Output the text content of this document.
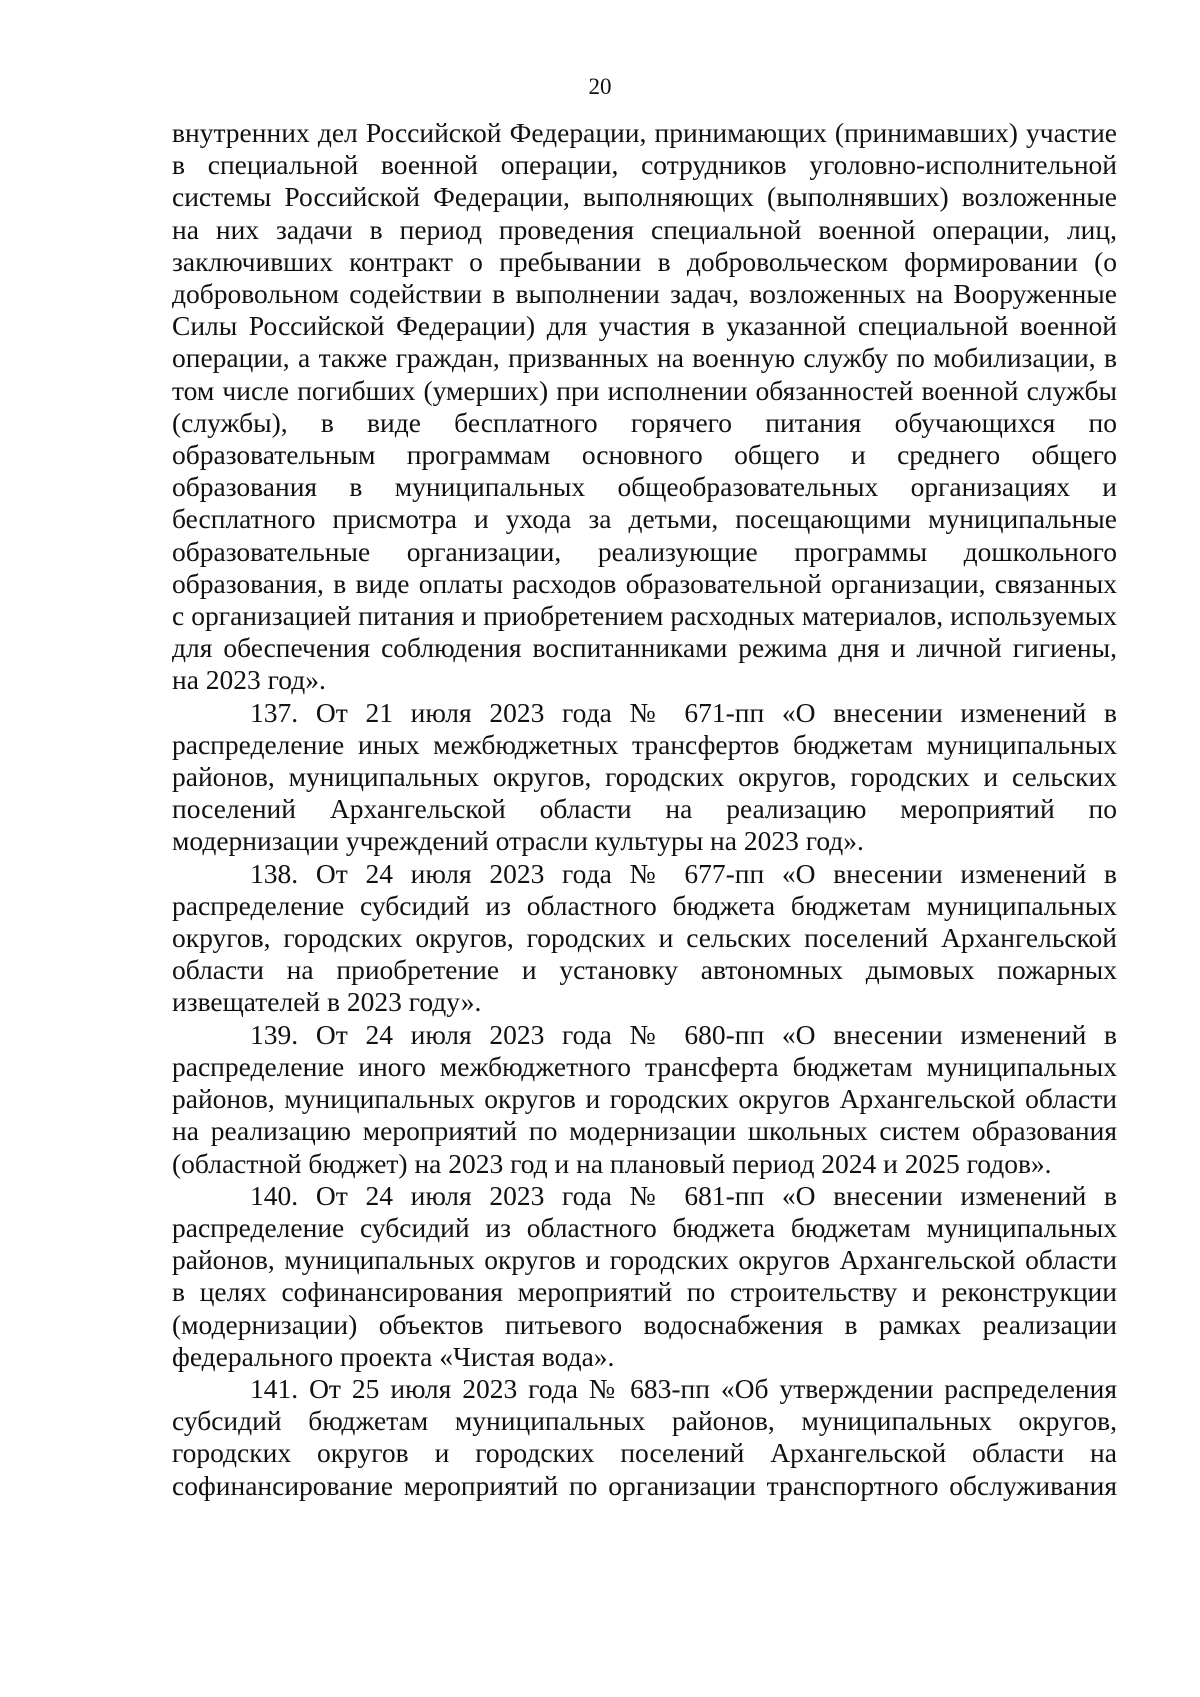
20

внутренних дел Российской Федерации, принимающих (принимавших) участие в специальной военной операции, сотрудников уголовно-исполнительной системы Российской Федерации, выполняющих (выполнявших) возложенные на них задачи в период проведения специальной военной операции, лиц, заключивших контракт о пребывании в добровольческом формировании (о добровольном содействии в выполнении задач, возложенных на Вооруженные Силы Российской Федерации) для участия в указанной специальной военной операции, а также граждан, призванных на военную службу по мобилизации, в том числе погибших (умерших) при исполнении обязанностей военной службы (службы), в виде бесплатного горячего питания обучающихся по образовательным программам основного общего и среднего общего образования в муниципальных общеобразовательных организациях и бесплатного присмотра и ухода за детьми, посещающими муниципальные образовательные организации, реализующие программы дошкольного образования, в виде оплаты расходов образовательной организации, связанных с организацией питания и приобретением расходных материалов, используемых для обеспечения соблюдения воспитанниками режима дня и личной гигиены, на 2023 год».

137. От 21 июля 2023 года № 671-пп «О внесении изменений в распределение иных межбюджетных трансфертов бюджетам муниципальных районов, муниципальных округов, городских округов, городских и сельских поселений Архангельской области на реализацию мероприятий по модернизации учреждений отрасли культуры на 2023 год».

138. От 24 июля 2023 года № 677-пп «О внесении изменений в распределение субсидий из областного бюджета бюджетам муниципальных округов, городских округов, городских и сельских поселений Архангельской области на приобретение и установку автономных дымовых пожарных извещателей в 2023 году».

139. От 24 июля 2023 года № 680-пп «О внесении изменений в распределение иного межбюджетного трансферта бюджетам муниципальных районов, муниципальных округов и городских округов Архангельской области на реализацию мероприятий по модернизации школьных систем образования (областной бюджет) на 2023 год и на плановый период 2024 и 2025 годов».

140. От 24 июля 2023 года № 681-пп «О внесении изменений в распределение субсидий из областного бюджета бюджетам муниципальных районов, муниципальных округов и городских округов Архангельской области в целях софинансирования мероприятий по строительству и реконструкции (модернизации) объектов питьевого водоснабжения в рамках реализации федерального проекта «Чистая вода».

141. От 25 июля 2023 года № 683-пп «Об утверждении распределения субсидий бюджетам муниципальных районов, муниципальных округов, городских округов и городских поселений Архангельской области на софинансирование мероприятий по организации транспортного обслуживания
